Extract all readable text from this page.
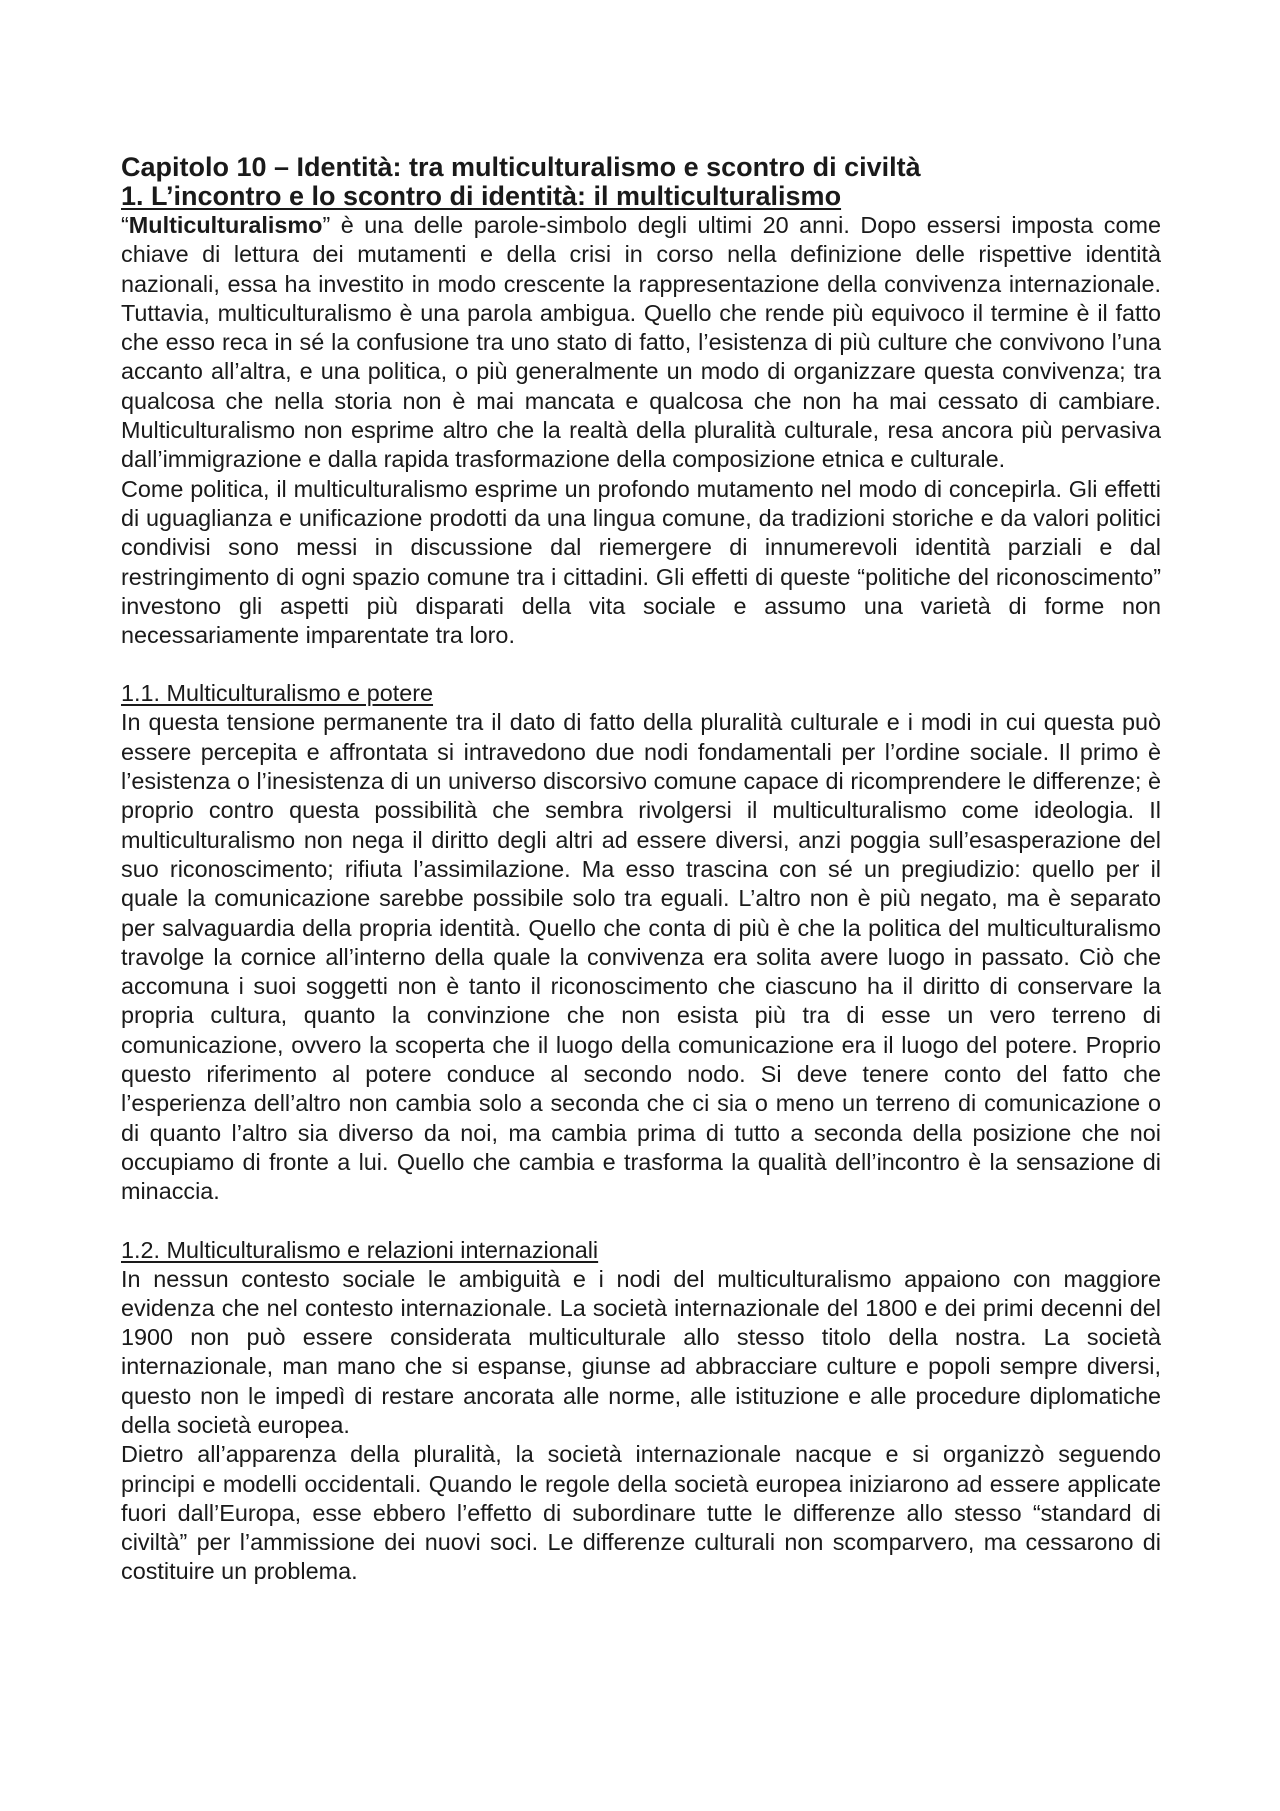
Capitolo 10 – Identità: tra multiculturalismo e scontro di civiltà
1. L’incontro e lo scontro di identità: il multiculturalismo

“Multiculturalismo” è una delle parole-simbolo degli ultimi 20 anni. Dopo essersi imposta come chiave di lettura dei mutamenti e della crisi in corso nella definizione delle rispettive identità nazionali, essa ha investito in modo crescente la rappresentazione della convivenza internazionale. Tuttavia, multiculturalismo è una parola ambigua. Quello che rende più equivoco il termine è il fatto che esso reca in sé la confusione tra uno stato di fatto, l’esistenza di più culture che convivono l’una accanto all’altra, e una politica, o più generalmente un modo di organizzare questa convivenza; tra qualcosa che nella storia non è mai mancata e qualcosa che non ha mai cessato di cambiare. Multiculturalismo non esprime altro che la realtà della pluralità culturale, resa ancora più pervasiva dall’immigrazione e dalla rapida trasformazione della composizione etnica e culturale.

Come politica, il multiculturalismo esprime un profondo mutamento nel modo di concepirla. Gli effetti di uguaglianza e unificazione prodotti da una lingua comune, da tradizioni storiche e da valori politici condivisi sono messi in discussione dal riemergere di innumerevoli identità parziali e dal restringimento di ogni spazio comune tra i cittadini. Gli effetti di queste “politiche del riconoscimento” investono gli aspetti più disparati della vita sociale e assumo una varietà di forme non necessariamente imparentate tra loro.

1.1. Multiculturalismo e potere

In questa tensione permanente tra il dato di fatto della pluralità culturale e i modi in cui questa può essere percepita e affrontata si intravedono due nodi fondamentali per l’ordine sociale. Il primo è l’esistenza o l’inesistenza di un universo discorsivo comune capace di ricomprendere le differenze; è proprio contro questa possibilità che sembra rivolgersi il multiculturalismo come ideologia. Il multiculturalismo non nega il diritto degli altri ad essere diversi, anzi poggia sull’esasperazione del suo riconoscimento; rifiuta l’assimilazione. Ma esso trascina con sé un pregiudizio: quello per il quale la comunicazione sarebbe possibile solo tra eguali. L’altro non è più negato, ma è separato per salvaguardia della propria identità. Quello che conta di più è che la politica del multiculturalismo travolge la cornice all’interno della quale la convivenza era solita avere luogo in passato. Ciò che accomuna i suoi soggetti non è tanto il riconoscimento che ciascuno ha il diritto di conservare la propria cultura, quanto la convinzione che non esista più tra di esse un vero terreno di comunicazione, ovvero la scoperta che il luogo della comunicazione era il luogo del potere. Proprio questo riferimento al potere conduce al secondo nodo. Si deve tenere conto del fatto che l’esperienza dell’altro non cambia solo a seconda che ci sia o meno un terreno di comunicazione o di quanto l’altro sia diverso da noi, ma cambia prima di tutto a seconda della posizione che noi occupiamo di fronte a lui. Quello che cambia e trasforma la qualità dell’incontro è la sensazione di minaccia.

1.2. Multiculturalismo e relazioni internazionali

In nessun contesto sociale le ambiguità e i nodi del multiculturalismo appaiono con maggiore evidenza che nel contesto internazionale. La società internazionale del 1800 e dei primi decenni del 1900 non può essere considerata multiculturale allo stesso titolo della nostra. La società internazionale, man mano che si espanse, giunse ad abbracciare culture e popoli sempre diversi, questo non le impedì di restare ancorata alle norme, alle istituzione e alle procedure diplomatiche della società europea.

Dietro all’apparenza della pluralità, la società internazionale nacque e si organizzò seguendo principi e modelli occidentali. Quando le regole della società europea iniziarono ad essere applicate fuori dall’Europa, esse ebbero l’effetto di subordinare tutte le differenze allo stesso “standard di civiltà” per l’ammissione dei nuovi soci. Le differenze culturali non scomparvero, ma cessarono di costituire un problema.
